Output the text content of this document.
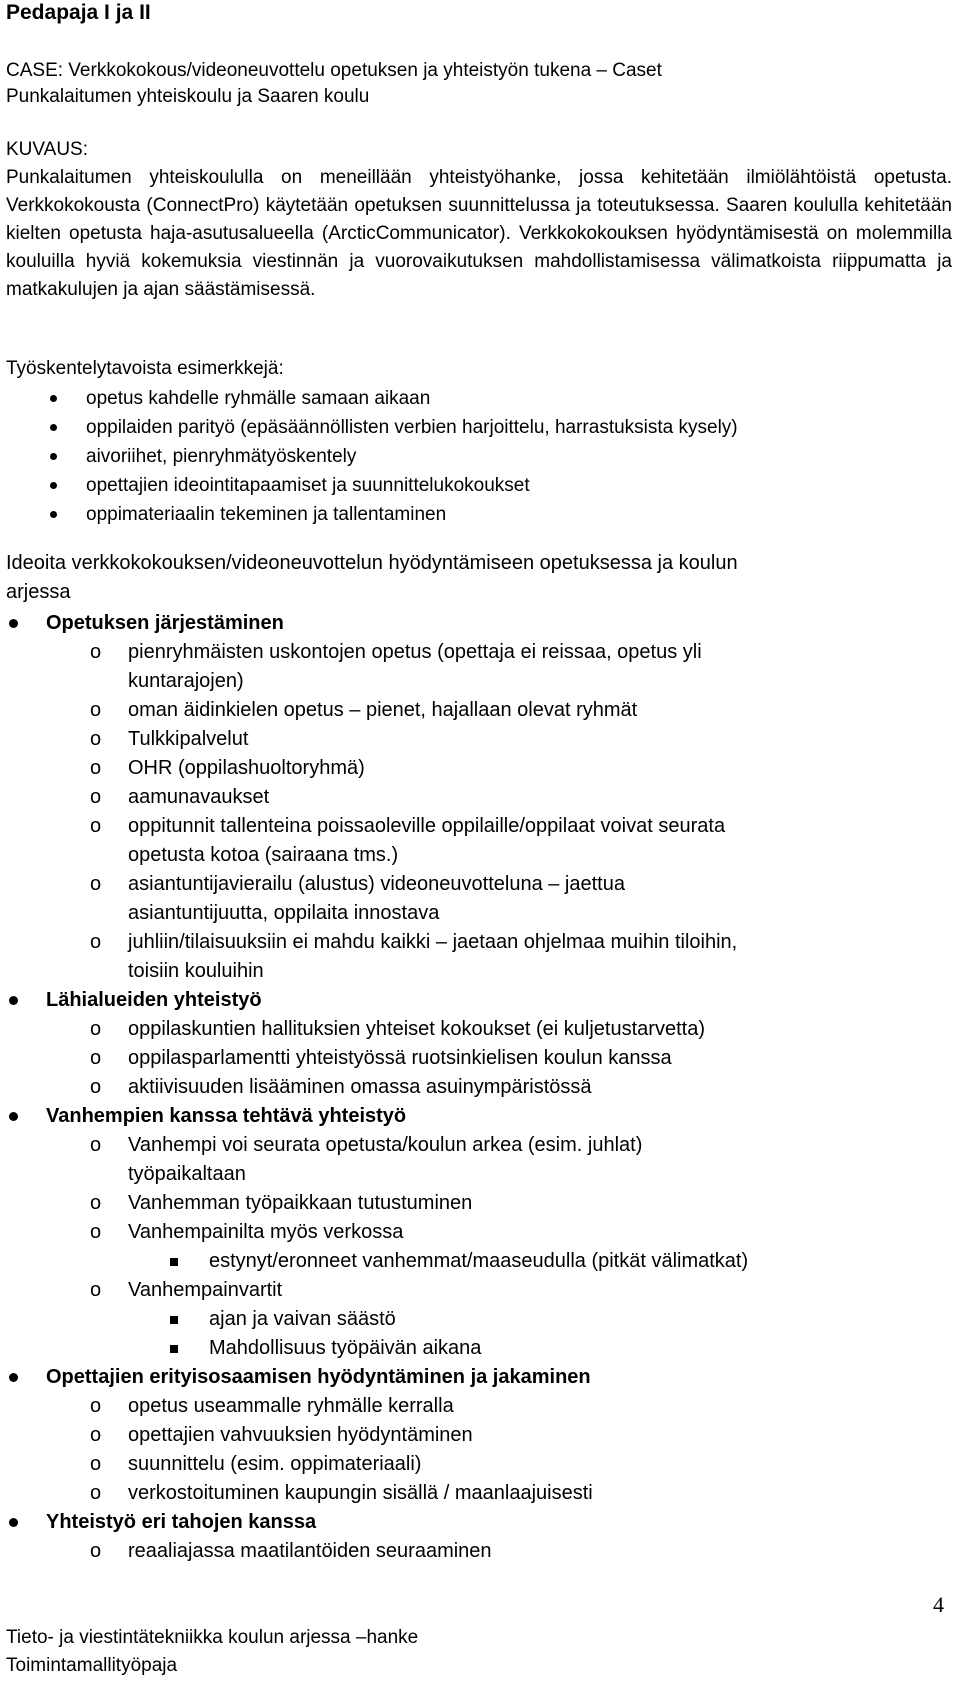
Pedapaja I ja II
CASE: Verkkokokous/videoneuvottelu opetuksen ja yhteistyön tukena – Caset
Punkalaitumen yhteiskoulu ja Saaren koulu

KUVAUS:

Punkalaitumen yhteiskoululla on meneillään yhteistyöhanke, jossa kehitetään ilmiölähtöistä opetusta. Verkkokokousta (ConnectPro) käytetään opetuksen suunnittelussa ja toteutuksessa. Saaren koululla kehitetään kielten opetusta haja-asutusalueella (ArcticCommunicator). Verkkokokouksen hyödyntämisestä on molemmilla kouluilla hyviä kokemuksia viestinnän ja vuorovaikutuksen mahdollistamisessa välimatkoista riippumatta ja matkakulujen ja ajan säästämisessä.

Työskentelytavoista esimerkkejä:
opetus kahdelle ryhmälle samaan aikaan
oppilaiden parityö (epäsäännöllisten verbien harjoittelu, harrastuksista kysely)
aivoriihet, pienryhmätyöskentely
opettajien ideointitapaamiset ja suunnittelukokoukset
oppimateriaalin tekeminen ja tallentaminen
Ideoita verkkokokouksen/videoneuvottelun hyödyntämiseen opetuksessa ja koulun
arjessa
Opetuksen järjestäminen
o pienryhmäisten uskontojen opetus (opettaja ei reissaa, opetus yli
kuntarajojen)
o oman äidinkielen opetus – pienet, hajallaan olevat ryhmät
o Tulkkipalvelut
o OHR (oppilashuoltoryhmä)
o aamunavaukset
o oppitunnit tallenteina poissaoleville oppilaille/oppilaat voivat seurata
opetusta kotoa (sairaana tms.)
o asiantuntijavierailu (alustus) videoneuvotteluna – jaettua
asiantuntijuutta, oppilaita innostava
o juhliin/tilaisuuksiin ei mahdu kaikki – jaetaan ohjelmaa muihin tiloihin,
toisiin kouluihin
Lähialueiden yhteistyö
o oppilaskuntien hallituksien yhteiset kokoukset (ei kuljetustarvetta)
o oppilasparlamentti yhteistyössä ruotsinkielisen koulun kanssa
o aktiivisuuden lisääminen omassa asuinympäristössä
Vanhempien kanssa tehtävä yhteistyö
o Vanhempi voi seurata opetusta/koulun arkea (esim. juhlat)
työpaikaltaan
o Vanhemman työpaikkaan tutustuminen
o Vanhempainilta myös verkossa
estynyt/eronneet vanhemmat/maaseudulla (pitkät välimatkat)
o Vanhempainvartit
ajan ja vaivan säästö
Mahdollisuus työpäivän aikana
Opettajien erityisosaamisen hyödyntäminen ja jakaminen
o opetus useammalle ryhmälle kerralla
o opettajien vahvuuksien hyödyntäminen
o suunnittelu (esim. oppimateriaali)
o verkostoituminen kaupungin sisällä / maanlaajuisesti
Yhteistyö eri tahojen kanssa
o reaaliajassa maatilantöiden seuraaminen
4
Tieto- ja viestintätekniikka koulun arjessa –hanke
Toimintamallityöpaja
